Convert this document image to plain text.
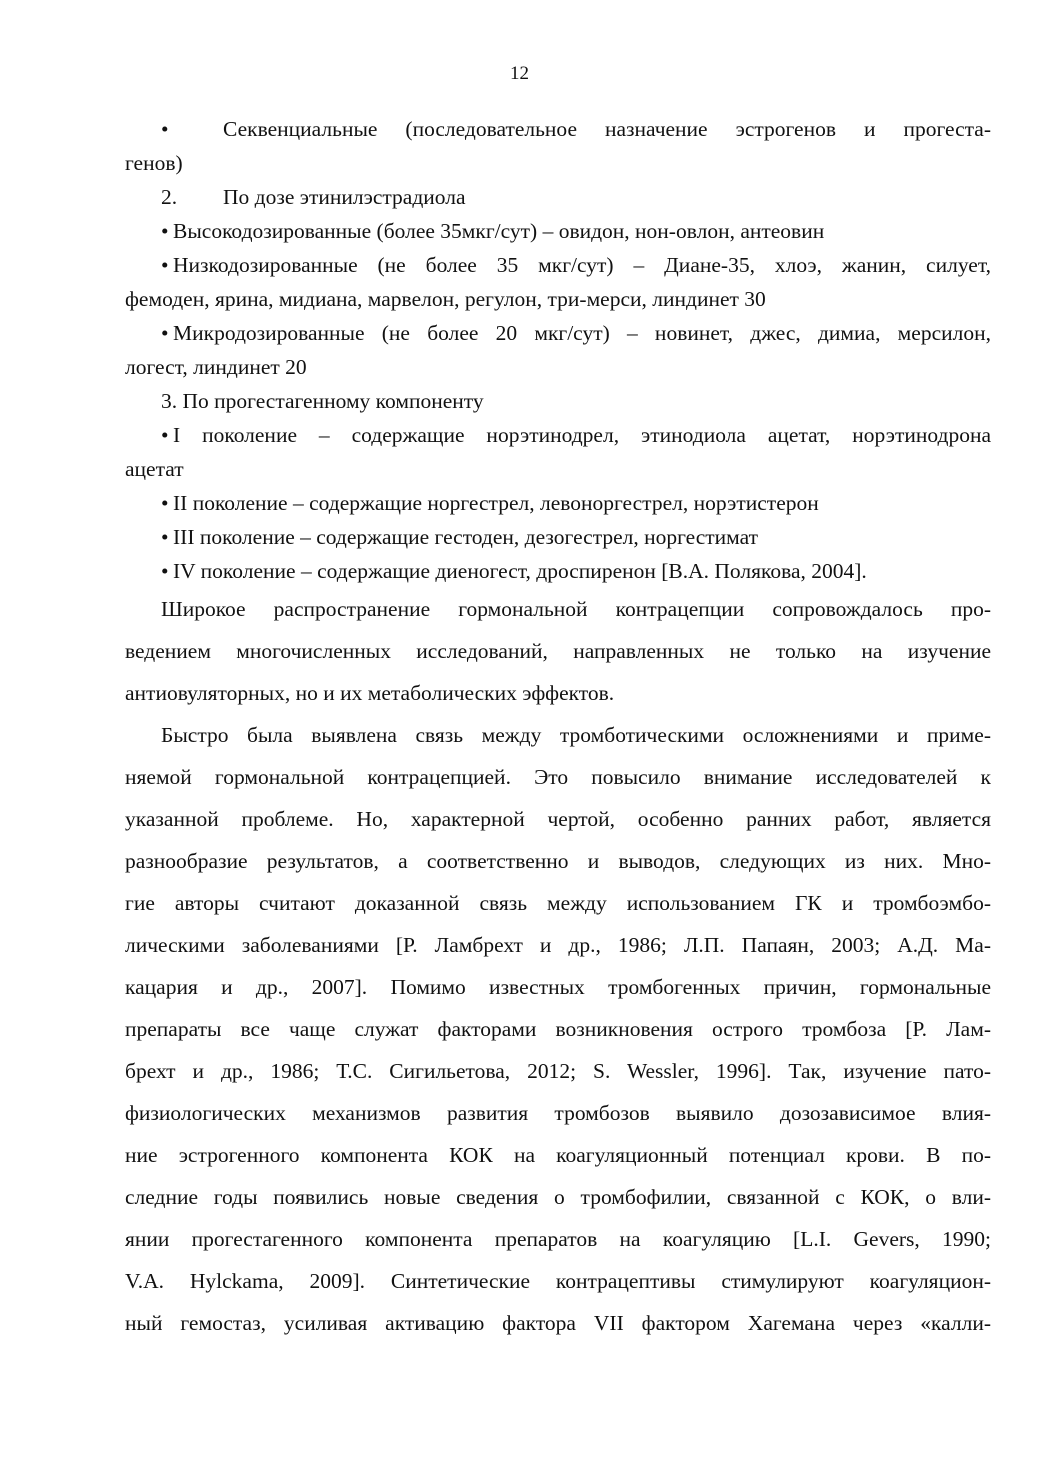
12
•	Секвенциальные (последовательное назначение эстрогенов и прогеста-
генов)
2. По дозе этинилэстрадиола
• Высокодозированные (более 35мкг/сут) – овидон, нон-овлон, антеовин
• Низкодозированные (не более 35 мкг/сут) – Диане-35, хлоэ, жанин, силует,
фемоден, ярина, мидиана, марвелон, регулон, три-мерси, линдинет 30
• Микродозированные (не более 20 мкг/сут) – новинет, джес, димиа, мерсилон,
логест, линдинет 20
3. По прогестагенному компоненту
• I поколение – содержащие норэтинодрел, этинодиола ацетат, норэтинодрона
ацетат
• II поколение – содержащие норгестрел, левоноргестрел, норэтистерон
• III поколение – содержащие гестоден, дезогестрел, норгестимат
• IV поколение – содержащие диеногест, дроспиренон [В.А. Полякова, 2004].
Широкое распространение гормональной контрацепции сопровождалось про-
ведением многочисленных исследований, направленных не только на изучение
антиовуляторных, но и их метаболических эффектов.
Быстро была выявлена связь между тромботическими осложнениями и приме-
няемой гормональной контрацепцией. Это повысило внимание исследователей к
указанной проблеме. Но, характерной чертой, особенно ранних работ, является
разнообразие результатов, а соответственно и выводов, следующих из них. Мно-
гие авторы считают доказанной связь между использованием ГК и тромбоэмбо-
лическими заболеваниями [Р. Ламбрехт и др., 1986; Л.П. Папаян, 2003; А.Д. Ма-
кацария и др., 2007]. Помимо известных тромбогенных причин, гормональные
препараты все чаще служат факторами возникновения острого тромбоза [Р. Лам-
брехт и др., 1986; Т.С. Сигильетова, 2012; S. Wessler, 1996]. Так, изучение пато-
физиологических механизмов развития тромбозов выявило дозозависимое влия-
ние эстрогенного компонента КОК на коагуляционный потенциал крови. В по-
следние годы появились новые сведения о тромбофилии, связанной с КОК, о вли-
янии прогестагенного компонента препаратов на коагуляцию [L.I. Gevers, 1990;
V.A. Hylckama, 2009]. Синтетические контрацептивы стимулируют коагуляцион-
ный гемостаз, усиливая активацию фактора VII фактором Хагемана через «калли-
